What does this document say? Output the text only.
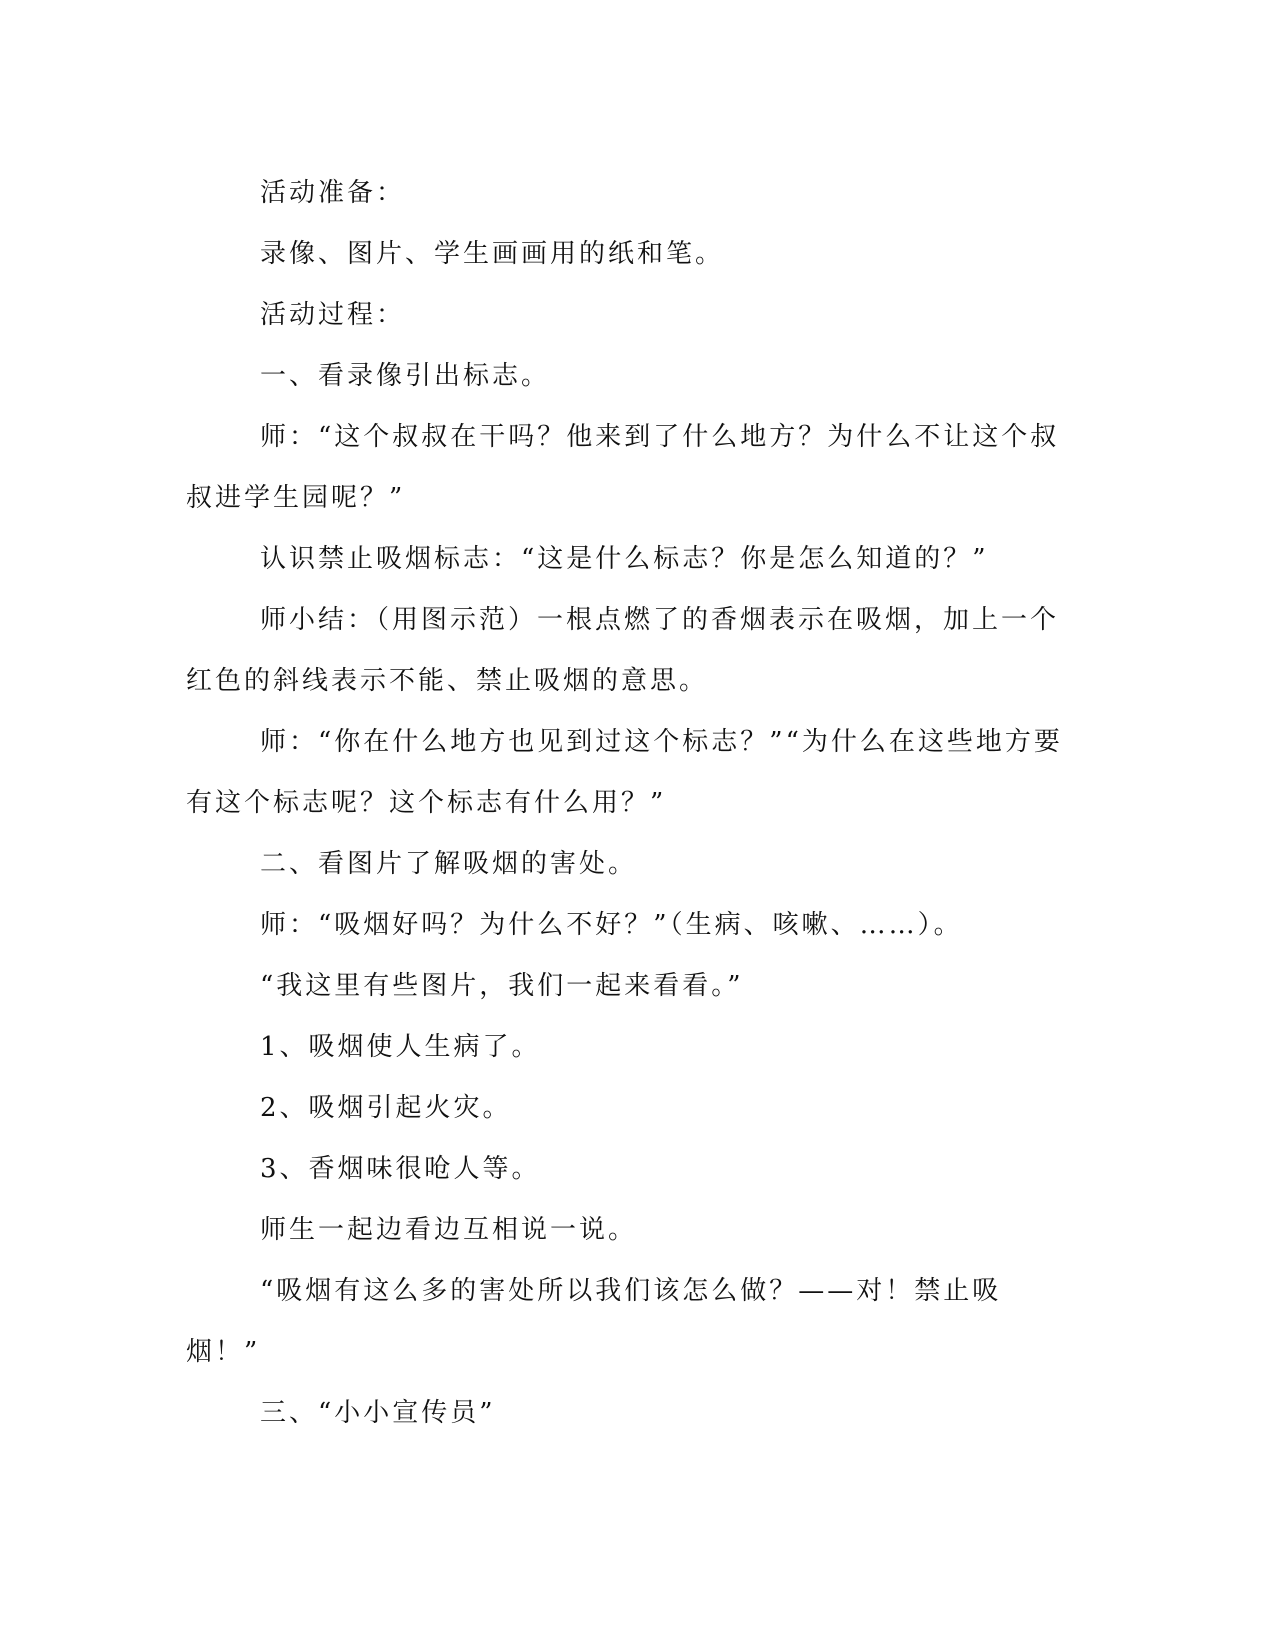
活动准备：

录像、图片、学生画画用的纸和笔。

活动过程：

一、看录像引出标志。

师：“这个叔叔在干吗？他来到了什么地方？为什么不让这个叔叔进学生园呢？”

认识禁止吸烟标志：“这是什么标志？你是怎么知道的？”

师小结：（用图示范）一根点燃了的香烟表示在吸烟，加上一个红色的斜线表示不能、禁止吸烟的意思。

师：“你在什么地方也见到过这个标志？”“为什么在这些地方要有这个标志呢？这个标志有什么用？”

二、看图片了解吸烟的害处。

师：“吸烟好吗？为什么不好？”（生病、咳嗽、……）。

“我这里有些图片，我们一起来看看。”

1、吸烟使人生病了。

2、吸烟引起火灾。

3、香烟味很呛人等。

师生一起边看边互相说一说。

“吸烟有这么多的害处所以我们该怎么做？——对！禁止吸烟！”

三、“小小宣传员”
